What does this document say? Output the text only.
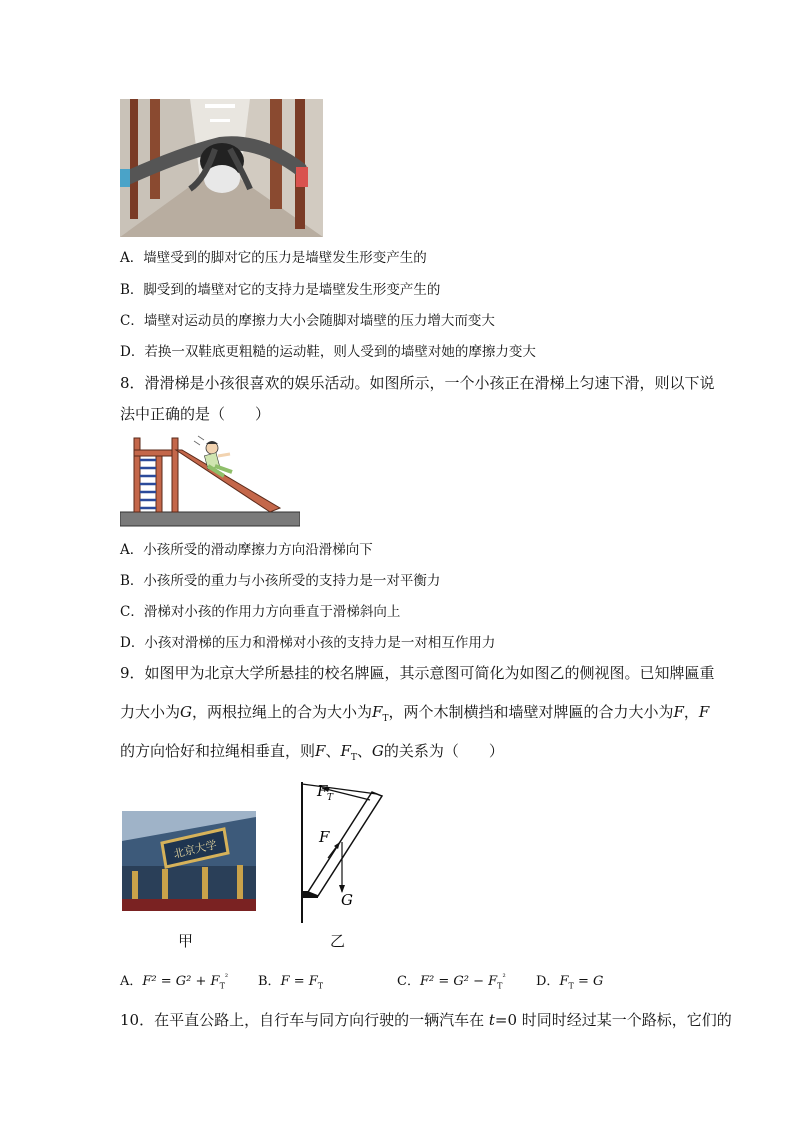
A．墙壁受到的脚对它的压力是墙壁发生形变产生的
B．脚受到的墙壁对它的支持力是墙壁发生形变产生的
C．墙壁对运动员的摩擦力大小会随脚对墙壁的压力增大而变大
D．若换一双鞋底更粗糙的运动鞋，则人受到的墙壁对她的摩擦力变大
8．滑滑梯是小孩很喜欢的娱乐活动。如图所示，一个小孩正在滑梯上匀速下滑，则以下说
法中正确的是（　　）
A．小孩所受的滑动摩擦力方向沿滑梯向下
B．小孩所受的重力与小孩所受的支持力是一对平衡力
C．滑梯对小孩的作用力方向垂直于滑梯斜向上
D．小孩对滑梯的压力和滑梯对小孩的支持力是一对相互作用力
9．如图甲为北京大学所悬挂的校名牌匾，其示意图可简化为如图乙的侧视图。已知牌匾重
力大小为G，两根拉绳上的合为大小为$F_T$，两个木制横挡和墙壁对牌匾的合力大小为F，F
的方向恰好和拉绳相垂直，则F、$F_T$、G的关系为（　　）
北京大学
F T
F
G
甲	乙
A．$F^2 = G^2 + F_T^{^2}$ B．$F = F_T$	C．$F^2 = G^2 - F_T^{^2}$ D．$F_T = G$
10．在平直公路上，自行车与同方向行驶的一辆汽车在 t=0 时同时经过某一个路标，它们的
